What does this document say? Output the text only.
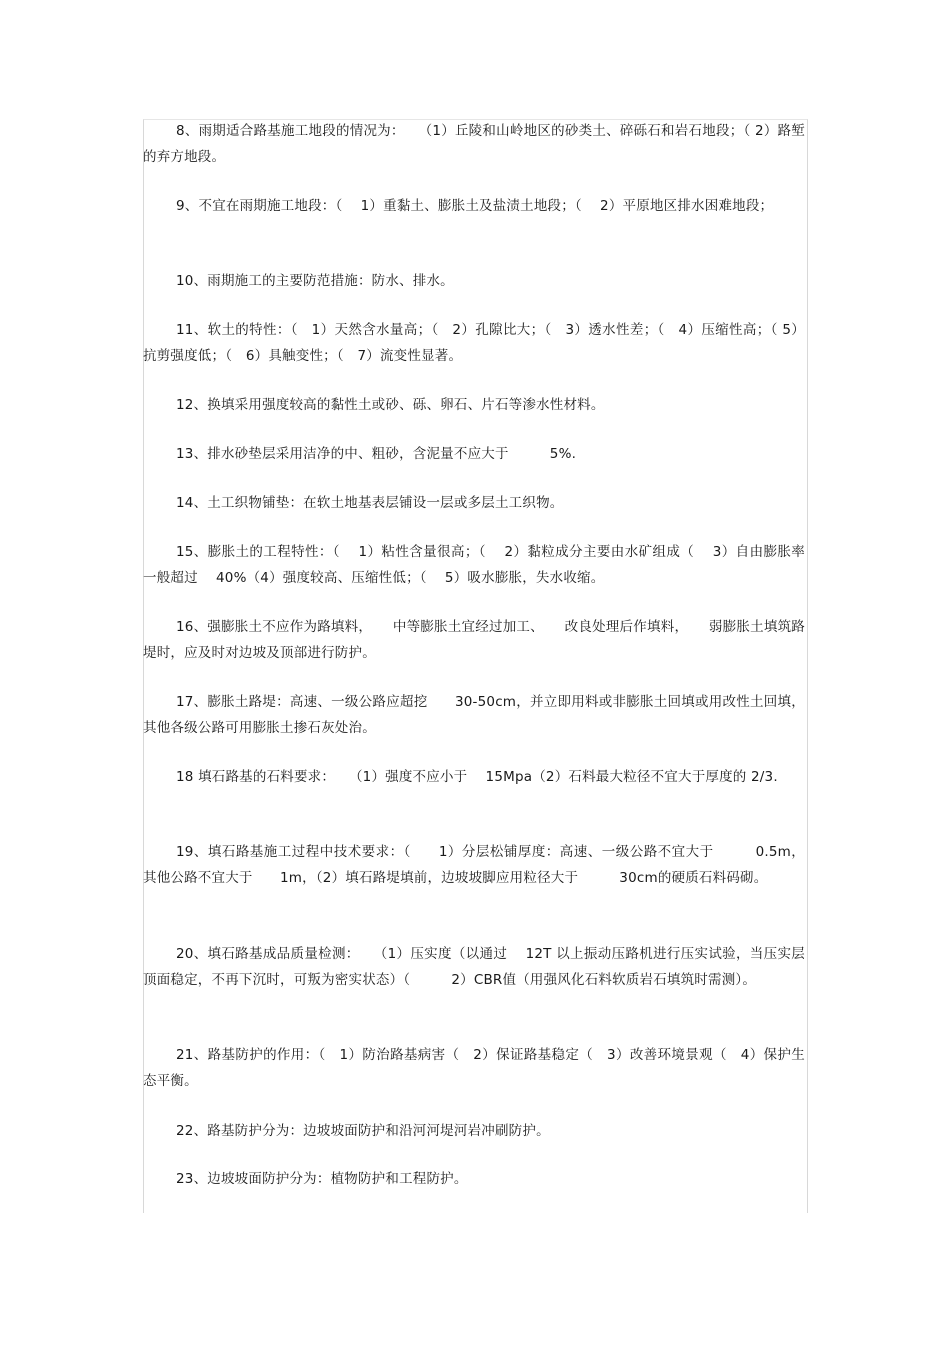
8、雨期适合路基施工地段的情况为：　　（1）丘陵和山岭地区的砂类土、碎砾石和岩石地段；（ 2）路堑的弃方地段。

9、不宜在雨期施工地段：（　 1）重黏土、膨胀土及盐渍土地段；（　 2）平原地区排水困难地段；

10、雨期施工的主要防范措施：防水、排水。

11、软土的特性：（　1）天然含水量高；（　2）孔隙比大；（　3）透水性差；（　4）压缩性高；（ 5）抗剪强度低；（　6）具触变性；（　7）流变性显著。

12、换填采用强度较高的黏性土或砂、砾、卵石、片石等渗水性材料。

13、排水砂垫层采用洁净的中、粗砂，含泥量不应大于　　　5%.

14、土工织物铺垫：在软土地基表层铺设一层或多层土工织物。

15、膨胀土的工程特性：（　 1）粘性含量很高；（　 2）黏粒成分主要由水矿组成（　 3）自由膨胀率一般超过　 40%（4）强度较高、压缩性低；（　 5）吸水膨胀，失水收缩。

16、强膨胀土不应作为路填料，　　中等膨胀土宜经过加工、　　改良处理后作填料，　　弱膨胀土填筑路堤时，应及时对边坡及顶部进行防护。

17、膨胀土路堤：高速、一级公路应超挖　　30-50cm，并立即用料或非膨胀土回填或用改性土回填，其他各级公路可用膨胀土掺石灰处治。

18 填石路基的石料要求：　　（1）强度不应小于　 15Mpa（2）石料最大粒径不宜大于厚度的 2/3.

19、填石路基施工过程中技术要求：（　　1）分层松铺厚度：高速、一级公路不宜大于　　　0.5m，其他公路不宜大于　　1m，（2）填石路堤填前，边坡坡脚应用粒径大于　　　30cm的硬质石料码砌。

20、填石路基成品质量检测：　　（1）压实度（以通过　 12T 以上振动压路机进行压实试验，当压实层顶面稳定，不再下沉时，可叛为密实状态）（　　　2）CBR值（用强风化石料软质岩石填筑时需测）。

21、路基防护的作用：（　1）防治路基病害（　2）保证路基稳定（　3）改善环境景观（　4）保护生态平衡。

22、路基防护分为：边坡坡面防护和沿河河堤河岩冲刷防护。

23、边坡坡面防护分为：植物防护和工程防护。
